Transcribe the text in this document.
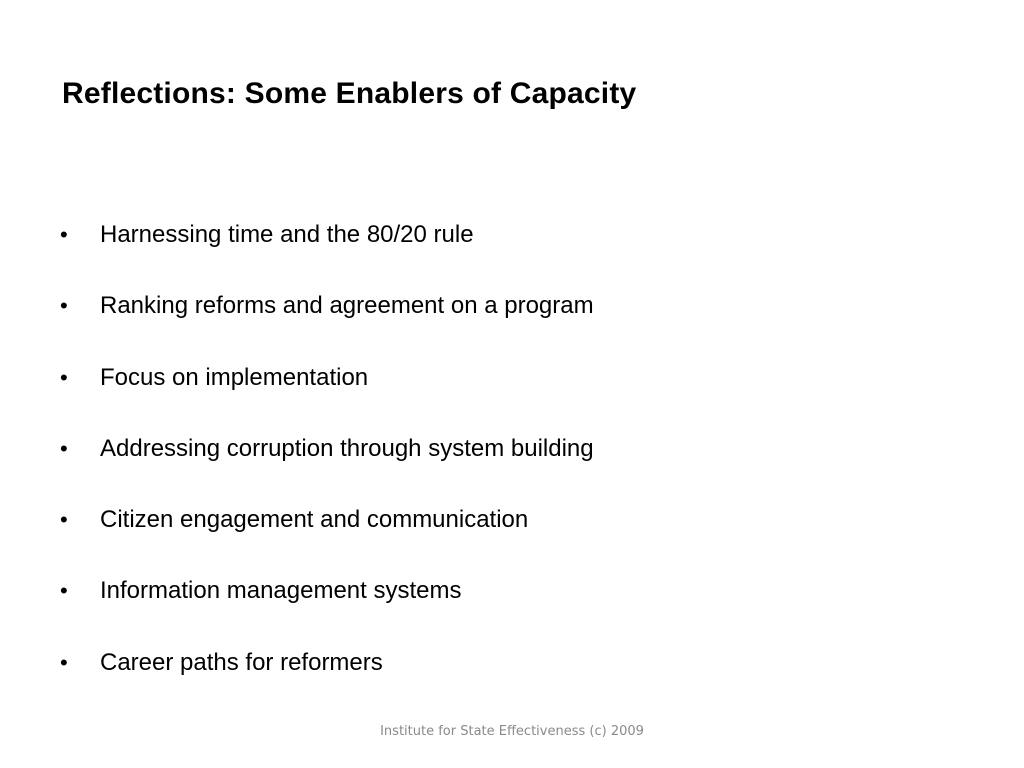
Reflections: Some Enablers of Capacity
•	Harnessing time and the 80/20 rule
•	Ranking reforms and agreement on a program
•	Focus on implementation
•	Addressing corruption through system building
•	Citizen engagement and communication
•	Information management systems
•	Career paths for reformers
Institute for State Effectiveness (c) 2009
